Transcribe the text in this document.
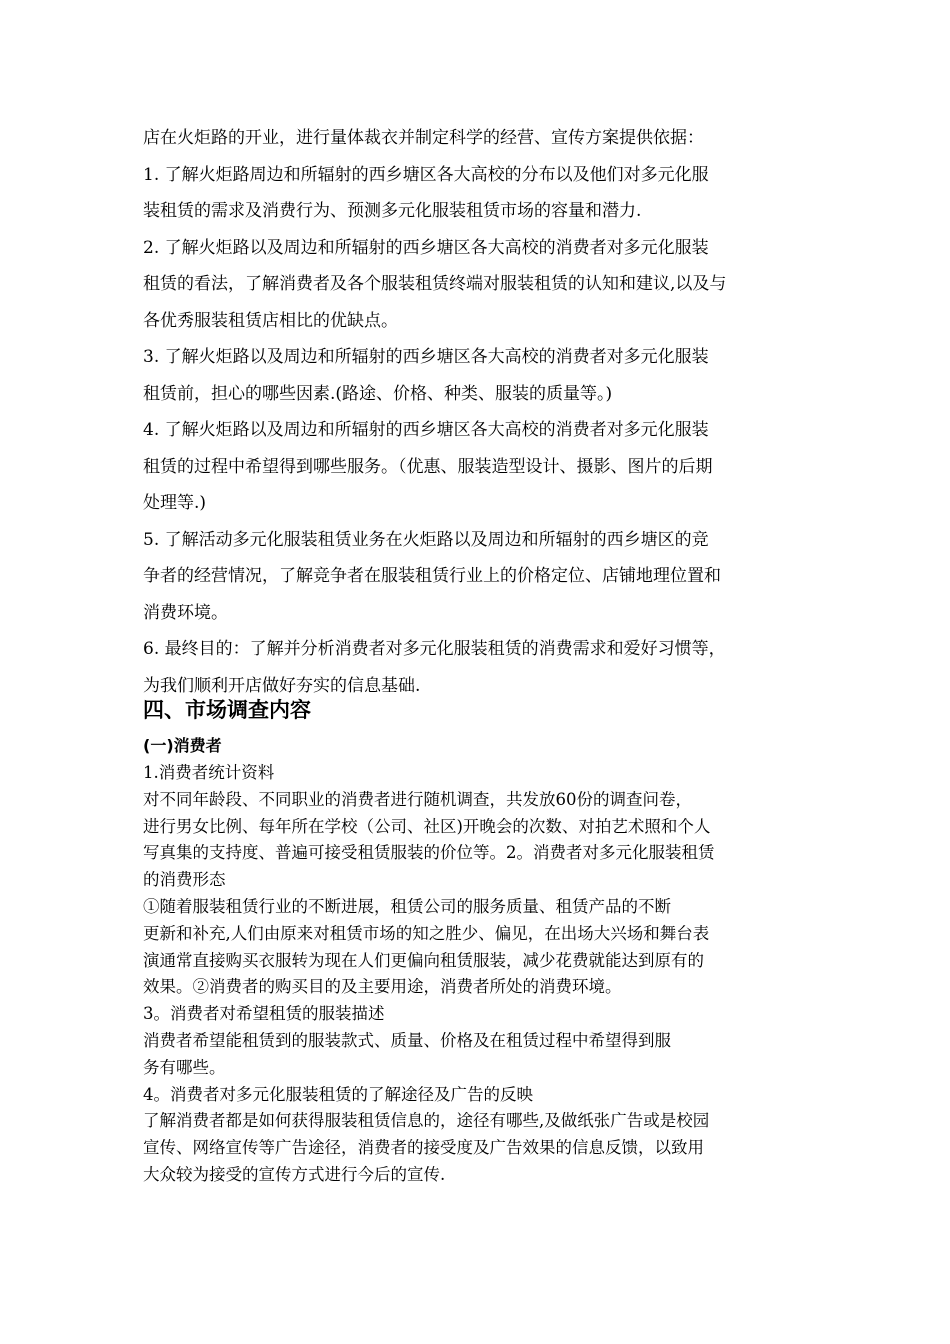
店在火炬路的开业，进行量体裁衣并制定科学的经营、宣传方案提供依据：

1. 了解火炬路周边和所辐射的西乡塘区各大高校的分布以及他们对多元化服

装租赁的需求及消费行为、预测多元化服装租赁市场的容量和潜力.

2. 了解火炬路以及周边和所辐射的西乡塘区各大高校的消费者对多元化服装

租赁的看法，了解消费者及各个服装租赁终端对服装租赁的认知和建议,以及与

各优秀服装租赁店相比的优缺点。

3. 了解火炬路以及周边和所辐射的西乡塘区各大高校的消费者对多元化服装

租赁前，担心的哪些因素.(路途、价格、种类、服装的质量等。)

4. 了解火炬路以及周边和所辐射的西乡塘区各大高校的消费者对多元化服装

租赁的过程中希望得到哪些服务。（优惠、服装造型设计、摄影、图片的后期

处理等.)

5. 了解活动多元化服装租赁业务在火炬路以及周边和所辐射的西乡塘区的竞

争者的经营情况，了解竞争者在服装租赁行业上的价格定位、店铺地理位置和

消费环境。

6. 最终目的：了解并分析消费者对多元化服装租赁的消费需求和爱好习惯等，

为我们顺利开店做好夯实的信息基础.

四、市场调查内容
(一)消费者

1.消费者统计资料

对不同年龄段、不同职业的消费者进行随机调查，共发放60份的调查问卷，

进行男女比例、每年所在学校（公司、社区)开晚会的次数、对拍艺术照和个人

写真集的支持度、普遍可接受租赁服装的价位等。2。消费者对多元化服装租赁

的消费形态

①随着服装租赁行业的不断进展，租赁公司的服务质量、租赁产品的不断

更新和补充,人们由原来对租赁市场的知之胜少、偏见，在出场大兴场和舞台表

演通常直接购买衣服转为现在人们更偏向租赁服装，减少花费就能达到原有的

效果。②消费者的购买目的及主要用途，消费者所处的消费环境。

3。消费者对希望租赁的服装描述

消费者希望能租赁到的服装款式、质量、价格及在租赁过程中希望得到服

务有哪些。

4。消费者对多元化服装租赁的了解途径及广告的反映

了解消费者都是如何获得服装租赁信息的，途径有哪些,及做纸张广告或是校园

宣传、网络宣传等广告途径，消费者的接受度及广告效果的信息反馈，以致用

大众较为接受的宣传方式进行今后的宣传.
